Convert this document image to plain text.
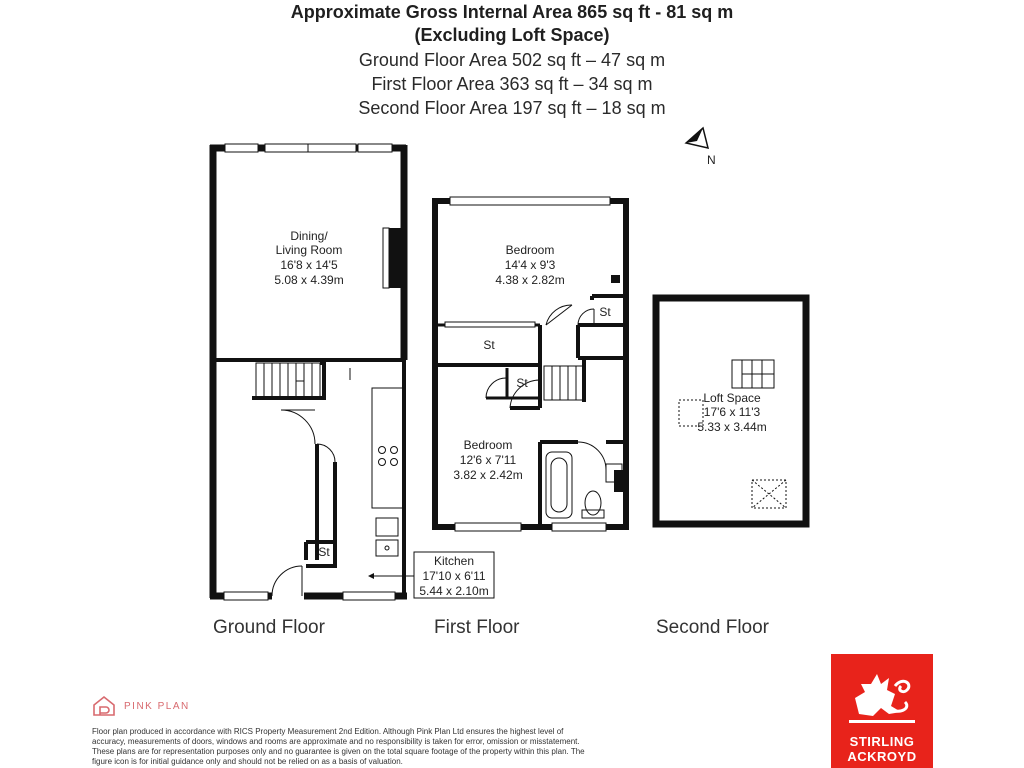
Approximate Gross Internal Area 865 sq ft - 81 sq m
(Excluding Loft Space)
Ground Floor Area 502 sq ft – 47 sq m
First Floor Area 363 sq ft – 34 sq m
Second Floor Area 197 sq ft – 18 sq m
N
Dining/
Living Room
16'8 x 14'5
5.08 x 4.39m
St
Kitchen
17'10 x 6'11
5.44 x 2.10m
Bedroom
14'4 x 9'3
4.38 x 2.82m
St
St
St
Bedroom
12'6 x 7'11
3.82 x 2.42m
Loft Space
17'6 x 11'3
5.33 x 3.44m
Ground Floor	First Floor	Second Floor
PINK PLAN
Floor plan produced in accordance with RICS Property Measurement 2nd Edition. Although Pink Plan Ltd ensures the highest level of accuracy, measurements of doors, windows and rooms are approximate and no responsibility is taken for error, omission or misstatement. These plans are for representation purposes only and no guarantee is given on the total square footage of the property within this plan. The figure icon is for initial guidance only and should not be relied on as a basis of valuation.
STIRLING
ACKROYD
